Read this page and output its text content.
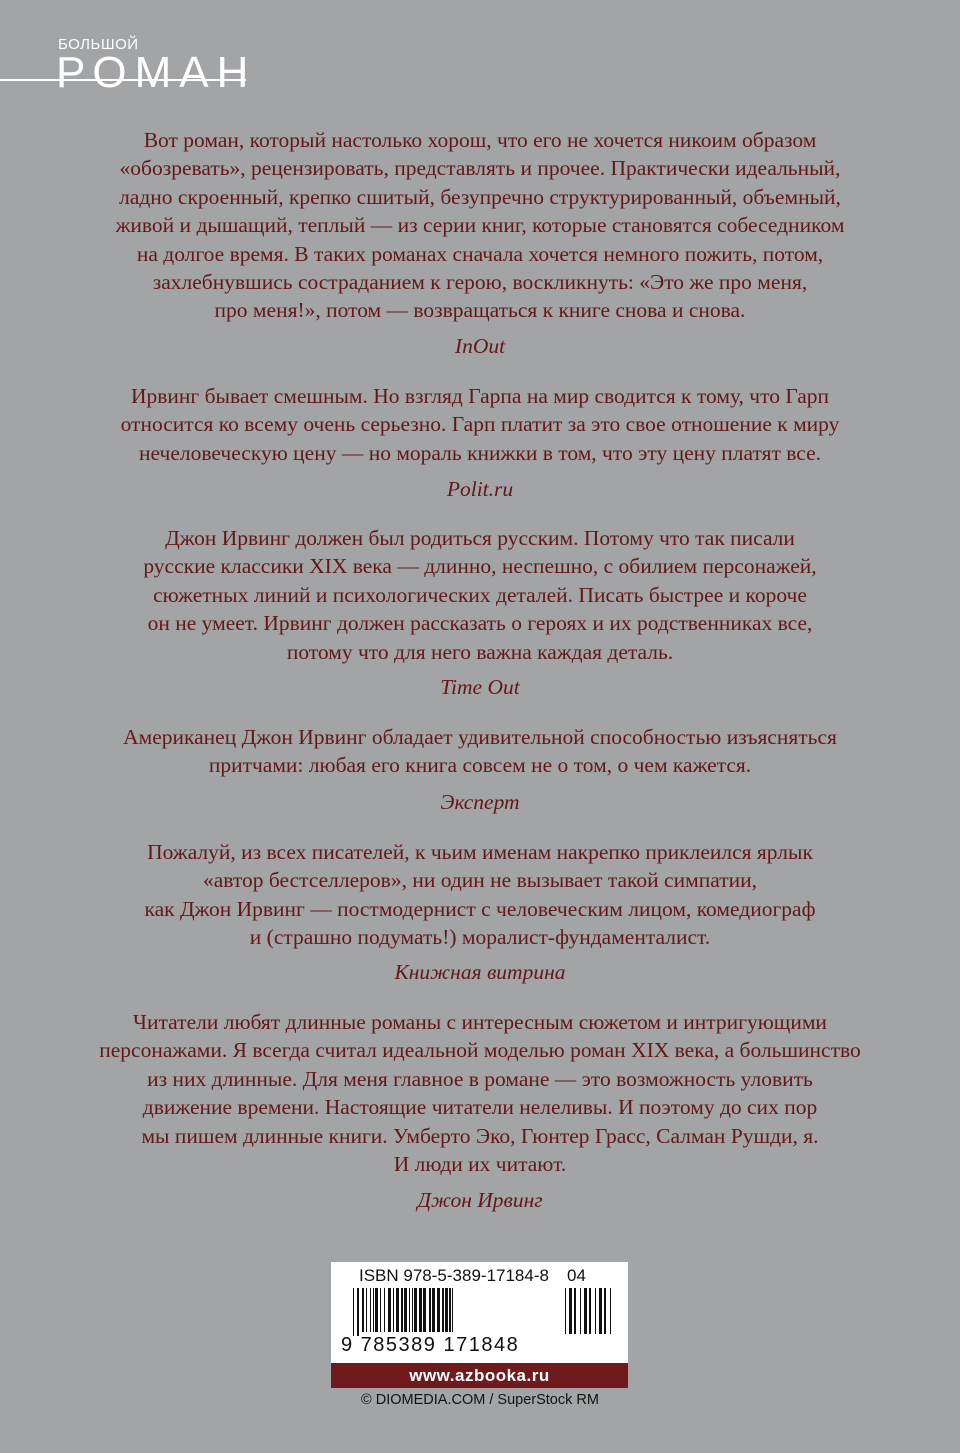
БОЛЬШОЙ
РОМАН
Вот роман, который настолько хорош, что его не хочется никоим образом
«обозревать», рецензировать, представлять и прочее. Практически идеальный,
ладно скроенный, крепко сшитый, безупречно структурированный, объемный,
живой и дышащий, теплый — из серии книг, которые становятся собеседником
на долгое время. В таких романах сначала хочется немного пожить, потом,
захлебнувшись состраданием к герою, воскликнуть: «Это же про меня,
про меня!», потом — возвращаться к книге снова и снова.
InOut
Ирвинг бывает смешным. Но взгляд Гарпа на мир сводится к тому, что Гарп
относится ко всему очень серьезно. Гарп платит за это свое отношение к миру
нечеловеческую цену — но мораль книжки в том, что эту цену платят все.
Polit.ru
Джон Ирвинг должен был родиться русским. Потому что так писали
русские классики XIX века — длинно, неспешно, с обилием персонажей,
сюжетных линий и психологических деталей. Писать быстрее и короче
он не умеет. Ирвинг должен рассказать о героях и их родственниках все,
потому что для него важна каждая деталь.
Time Out
Американец Джон Ирвинг обладает удивительной способностью изъясняться
притчами: любая его книга совсем не о том, о чем кажется.
Эксперт
Пожалуй, из всех писателей, к чьим именам накрепко приклеился ярлык
«автор бестселлеров», ни один не вызывает такой симпатии,
как Джон Ирвинг — постмодернист с человеческим лицом, комедиограф
и (страшно подумать!) моралист-фундаменталист.
Книжная витрина
Читатели любят длинные романы с интересным сюжетом и интригующими
персонажами. Я всегда считал идеальной моделью роман XIX века, а большинство
из них длинные. Для меня главное в романе — это возможность уловить
движение времени. Настоящие читатели нелеливы. И поэтому до сих пор
мы пишем длинные книги. Умберто Эко, Гюнтер Грасс, Салман Рушди, я.
И люди их читают.
Джон Ирвинг
ISBN 978-5-389-17184-8 04
9 785389 171848
www.azbooka.ru
© DIOMEDIA.COM / SuperStock RM
